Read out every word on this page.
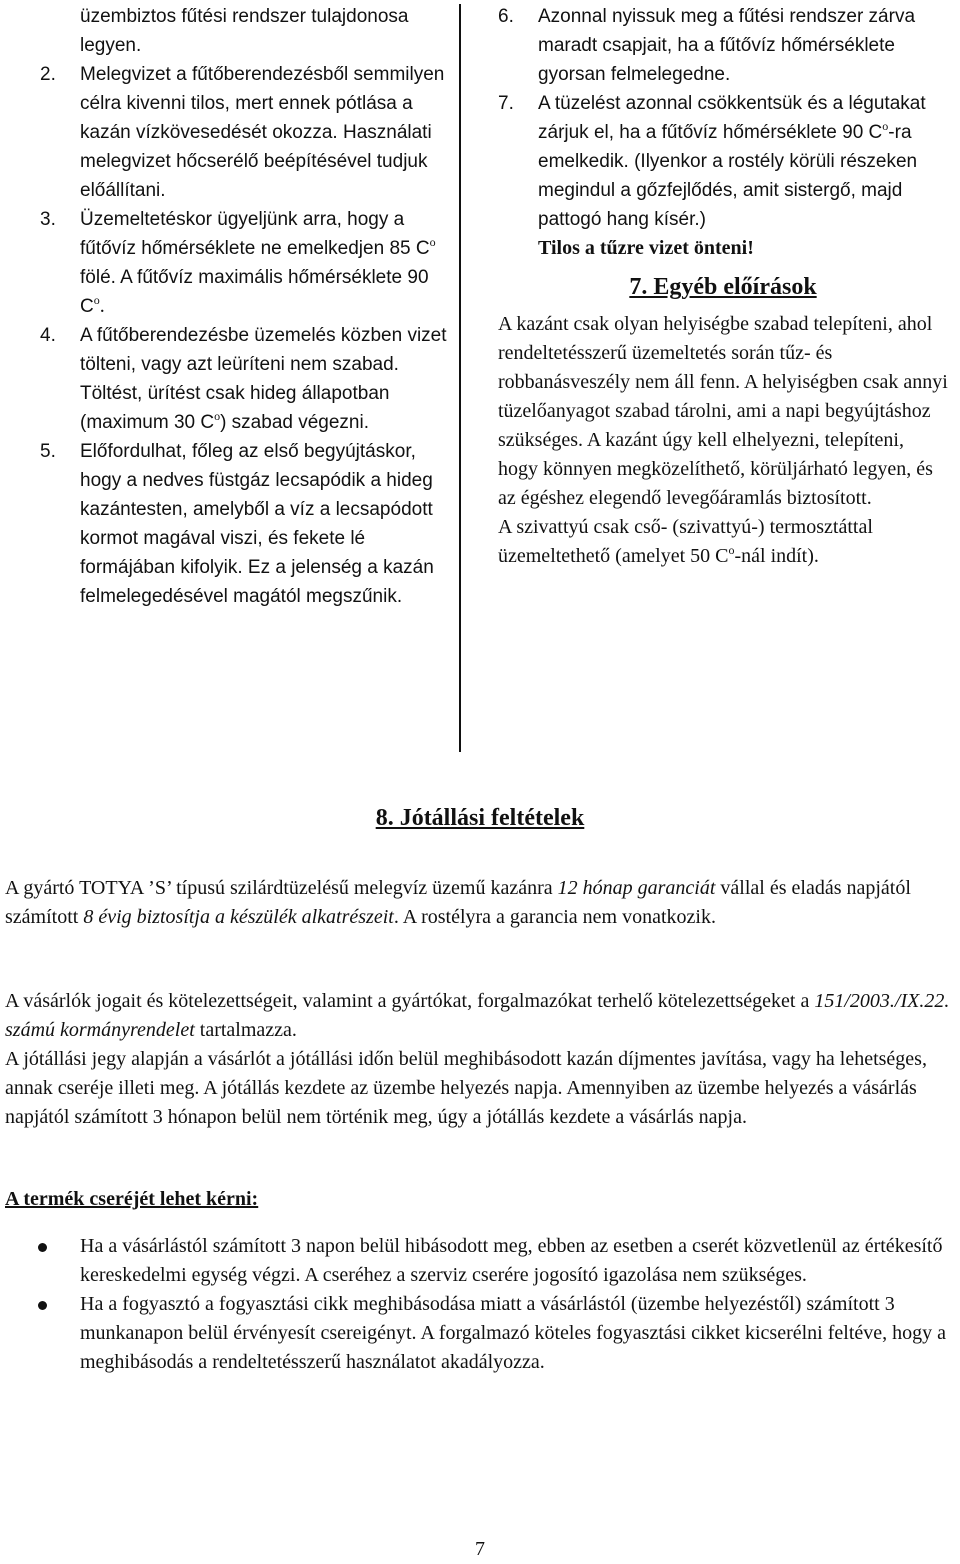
üzembiztos fűtési rendszer tulajdonosa legyen.
2. Melegvizet a fűtőberendezésből semmilyen célra kivenni tilos, mert ennek pótlása a kazán vízkövesedését okozza. Használati melegvizet hőcserélő beépítésével tudjuk előállítani.
3. Üzemeltetéskor ügyeljünk arra, hogy a fűtővíz hőmérséklete ne emelkedjen 85 $C^o$ fölé. A fűtővíz maximális hőmérséklete 90 $C^o$.
4. A fűtőberendezésbe üzemelés közben vizet tölteni, vagy azt leüríteni nem szabad. Töltést, ürítést csak hideg állapotban (maximum 30 $C^o$) szabad végezni.
5. Előfordulhat, főleg az első begyújtáskor, hogy a nedves füstgáz lecsapódik a hideg kazántesten, amelyből a víz a lecsapódott kormot magával viszi, és fekete lé formájában kifolyik. Ez a jelenség a kazán felmelegedésével magától megszűnik.
6. Azonnal nyissuk meg a fűtési rendszer zárva maradt csapjait, ha a fűtővíz hőmérséklete gyorsan felmelegedne.
7. A tüzelést azonnal csökkentsük és a légutakat zárjuk el, ha a fűtővíz hőmérséklete 90 $C^o-ra$ emelkedik. (Ilyenkor a rostély körüli részeken megindul a gőzfejlődés, amit sistergő, majd pattogó hang kísér.)
Tilos a tűzre vizet önteni!
7. Egyéb előírások

A kazánt csak olyan helyiségbe szabad telepíteni, ahol rendeltetésszerű üzemeltetés során tűz- és robbanásveszély nem áll fenn. A helyiségben csak annyi tüzelőanyagot szabad tárolni, ami a napi begyújtáshoz szükséges. A kazánt úgy kell elhelyezni, telepíteni, hogy könnyen megközelíthető, körüljárható legyen, és az égéshez elegendő levegőáramlás biztosított.

A szivattyú csak cső- (szivattyú-) termosztáttal üzemeltethető (amelyet 50 $C^o$-nál indít).

8. Jótállási feltételek

A gyártó TOTYA ’S’ típusú szilárdtüzelésű melegvíz üzemű kazánra 12 hónap garanciát vállal és eladás napjától számított 8 évig biztosítja a készülék alkatrészeit. A rostélyra a garancia nem vonatkozik.

A vásárlók jogait és kötelezettségeit, valamint a gyártókat, forgalmazókat terhelő kötelezettségeket a 151/2003./IX.22. számú kormányrendelet tartalmazza.

A jótállási jegy alapján a vásárlót a jótállási időn belül meghibásodott kazán díjmentes javítása, vagy ha lehetséges, annak cseréje illeti meg. A jótállás kezdete az üzembe helyezés napja. Amennyiben az üzembe helyezés a vásárlás napjától számított 3 hónapon belül nem történik meg, úgy a jótállás kezdete a vásárlás napja.

A termék cseréjét lehet kérni:
Ha a vásárlástól számított 3 napon belül hibásodott meg, ebben az esetben a cserét közvetlenül az értékesítő kereskedelmi egység végzi. A cseréhez a szerviz cserére jogosító igazolása nem szükséges.
Ha a fogyasztó a fogyasztási cikk meghibásodása miatt a vásárlástól (üzembe helyezéstől) számított 3 munkanapon belül érvényesít csereigényt. A forgalmazó köteles fogyasztási cikket kicserélni feltéve, hogy a meghibásodás a rendeltetésszerű használatot akadályozza.
7
